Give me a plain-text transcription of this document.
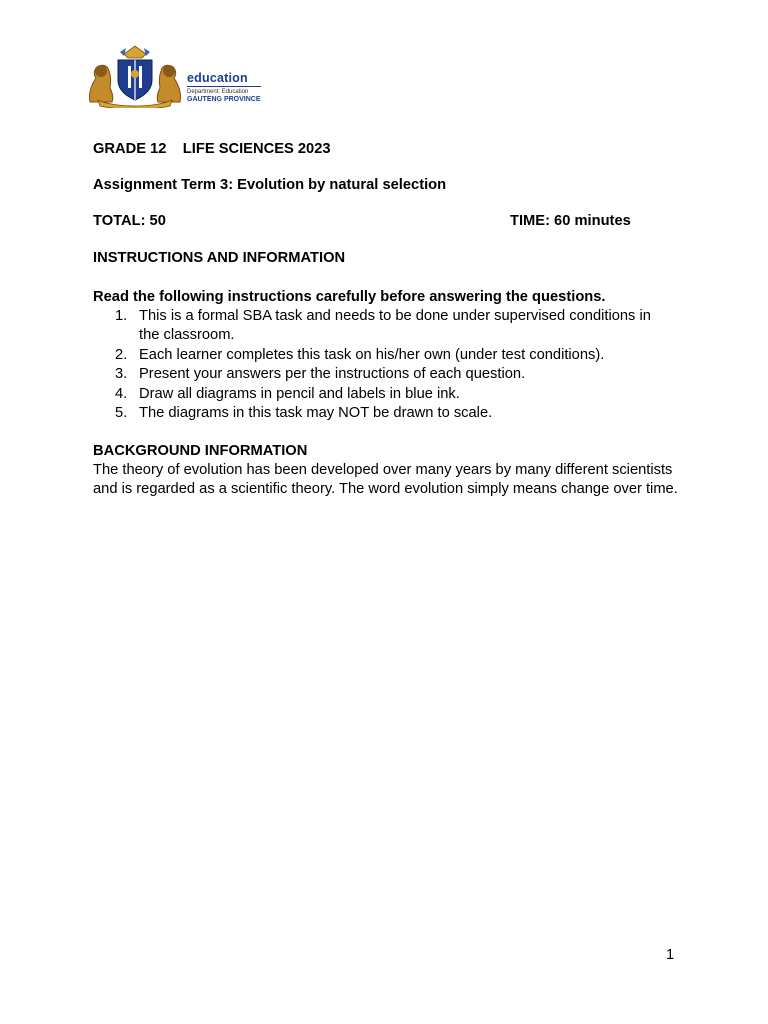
education
Department: Education
GAUTENG PROVINCE
GRADE 12 LIFE SCIENCES 2023
Assignment Term 3: Evolution by natural selection
TOTAL: 50	TIME: 60 minutes
INSTRUCTIONS AND INFORMATION
Read the following instructions carefully before answering the questions.
1. This is a formal SBA task and needs to be done under supervised conditions in the classroom.
2. Each learner completes this task on his/her own (under test conditions).
3. Present your answers per the instructions of each question.
4. Draw all diagrams in pencil and labels in blue ink.
5. The diagrams in this task may NOT be drawn to scale.
BACKGROUND INFORMATION

The theory of evolution has been developed over many years by many different scientists and is regarded as a scientific theory. The word evolution simply means change over time.

1
